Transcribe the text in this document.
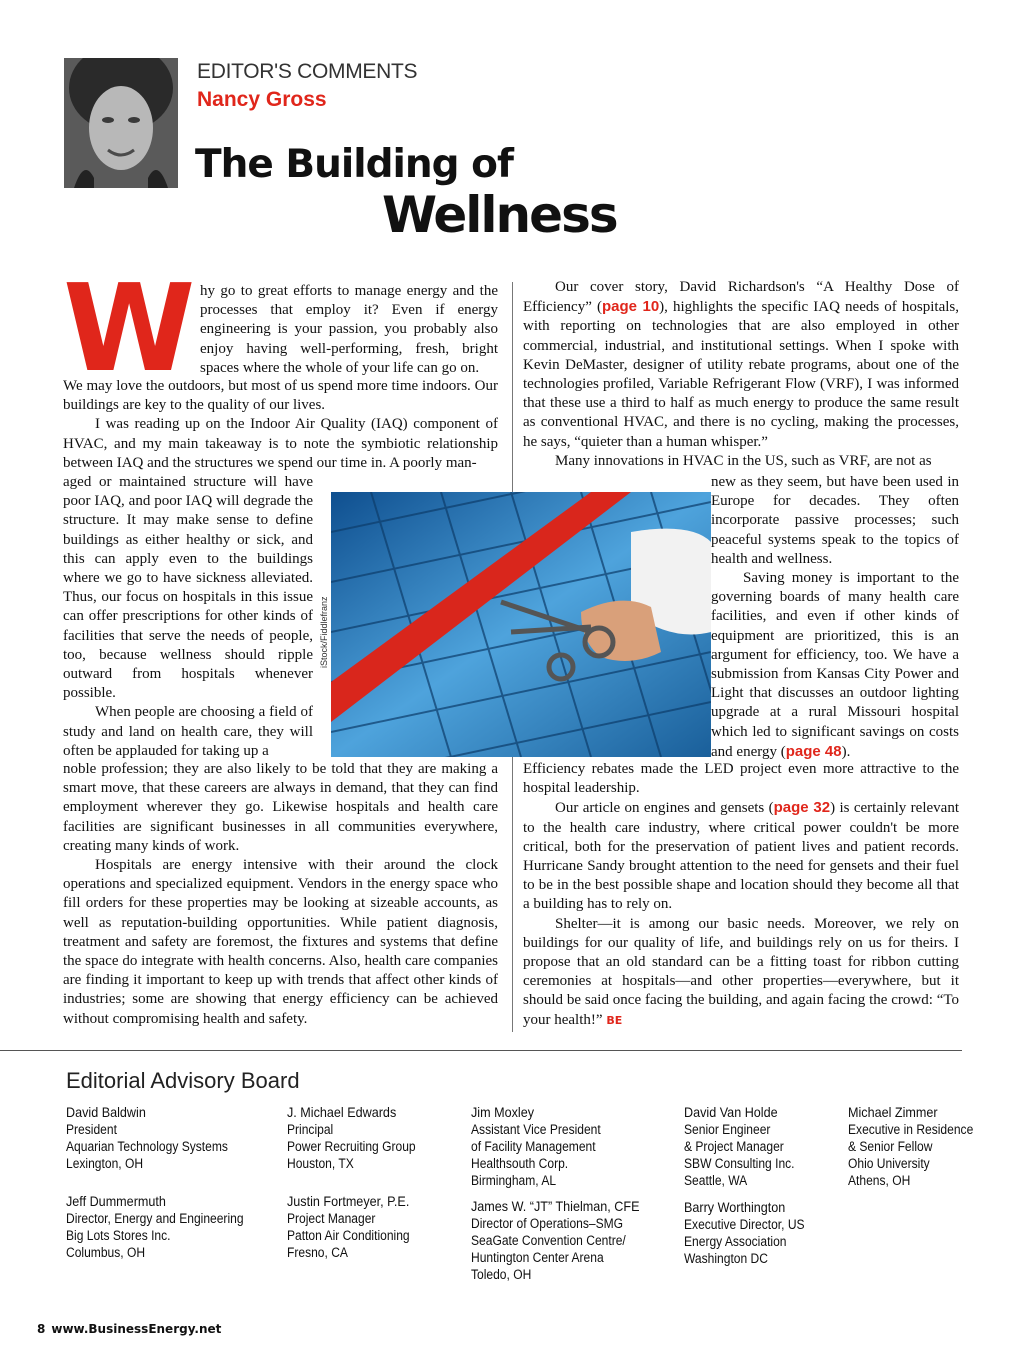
EDITOR'S COMMENTS
Nancy Gross
The Building of
Wellness
W hy go to great efforts to manage energy and the processes that employ it? Even if energy engineering is your passion, you probably also enjoy having well-performing, fresh, bright spaces where the whole of your life can go on.

We may love the outdoors, but most of us spend more time indoors. Our buildings are key to the quality of our lives.

I was reading up on the Indoor Air Quality (IAQ) component of HVAC, and my main takeaway is to note the symbiotic relationship between IAQ and the structures we spend our time in. A poorly man-

aged or maintained structure will have poor IAQ, and poor IAQ will degrade the structure. It may make sense to define buildings as either healthy or sick, and this can apply even to the buildings where we go to have sickness alleviated. Thus, our focus on hospitals in this issue can offer prescriptions for other kinds of facilities that serve the needs of people, too, because wellness should ripple outward from hospitals whenever possible.

When people are choosing a field of study and land on health care, they will often be applauded for taking up a

noble profession; they are also likely to be told that they are making a smart move, that these careers are always in demand, that they can find employment wherever they go. Likewise hospitals and health care facilities are significant businesses in all communities everywhere, creating many kinds of work.

Hospitals are energy intensive with their around the clock operations and specialized equipment. Vendors in the energy space who fill orders for these properties may be looking at sizeable accounts, as well as reputation-building opportunities. While patient diagnosis, treatment and safety are foremost, the fixtures and systems that define the space do integrate with health concerns. Also, health care companies are finding it important to keep up with trends that affect other kinds of industries; some are showing that energy efficiency can be achieved without compromising health and safety.

Our cover story, David Richardson's “A Healthy Dose of Efficiency” (page 10), highlights the specific IAQ needs of hospitals, with reporting on technologies that are also employed in other commercial, industrial, and institutional settings. When I spoke with Kevin DeMaster, designer of utility rebate programs, about one of the technologies profiled, Variable Refrigerant Flow (VRF), I was informed that these use a third to half as much energy to produce the same result as conventional HVAC, and there is no cycling, making the processes, he says, “quieter than a human whisper.”

Many innovations in HVAC in the US, such as VRF, are not as

new as they seem, but have been used in Europe for decades. They often incorporate passive processes; such peaceful systems speak to the topics of health and wellness.

Saving money is important to the governing boards of many health care facilities, and even if other kinds of equipment are prioritized, this is an argument for efficiency, too. We have a submission from Kansas City Power and Light that discusses an outdoor lighting upgrade at a rural Missouri hospital which led to significant savings on costs and energy (page 48).

Efficiency rebates made the LED project even more attractive to the hospital leadership.

Our article on engines and gensets (page 32) is certainly relevant to the health care industry, where critical power couldn't be more critical, both for the preservation of patient lives and patient records. Hurricane Sandy brought attention to the need for gensets and their fuel to be in the best possible shape and location should they become all that a building has to rely on.

Shelter—it is among our basic needs. Moreover, we rely on buildings for our quality of life, and buildings rely on us for theirs. I propose that an old standard can be a fitting toast for ribbon cutting ceremonies at hospitals—and other properties—everywhere, but it should be said once facing the building, and again facing the crowd: “To your health!” BE

iStock/Fiddlefranz
Editorial Advisory Board
David Baldwin
President
Aquarian Technology Systems
Lexington, OH
Jeff Dummermuth
Director, Energy and Engineering
Big Lots Stores Inc.
Columbus, OH
J. Michael Edwards
Principal
Power Recruiting Group
Houston, TX
Justin Fortmeyer, P.E.
Project Manager
Patton Air Conditioning
Fresno, CA
Jim Moxley
Assistant Vice President
of Facility Management
Healthsouth Corp.
Birmingham, AL
James W. “JT” Thielman, CFE
Director of Operations–SMG
SeaGate Convention Centre/
Huntington Center Arena
Toledo, OH
David Van Holde
Senior Engineer
& Project Manager
SBW Consulting Inc.
Seattle, WA
Barry Worthington
Executive Director, US
Energy Association
Washington DC
Michael Zimmer
Executive in Residence
& Senior Fellow
Ohio University
Athens, OH
8 www.BusinessEnergy.net
